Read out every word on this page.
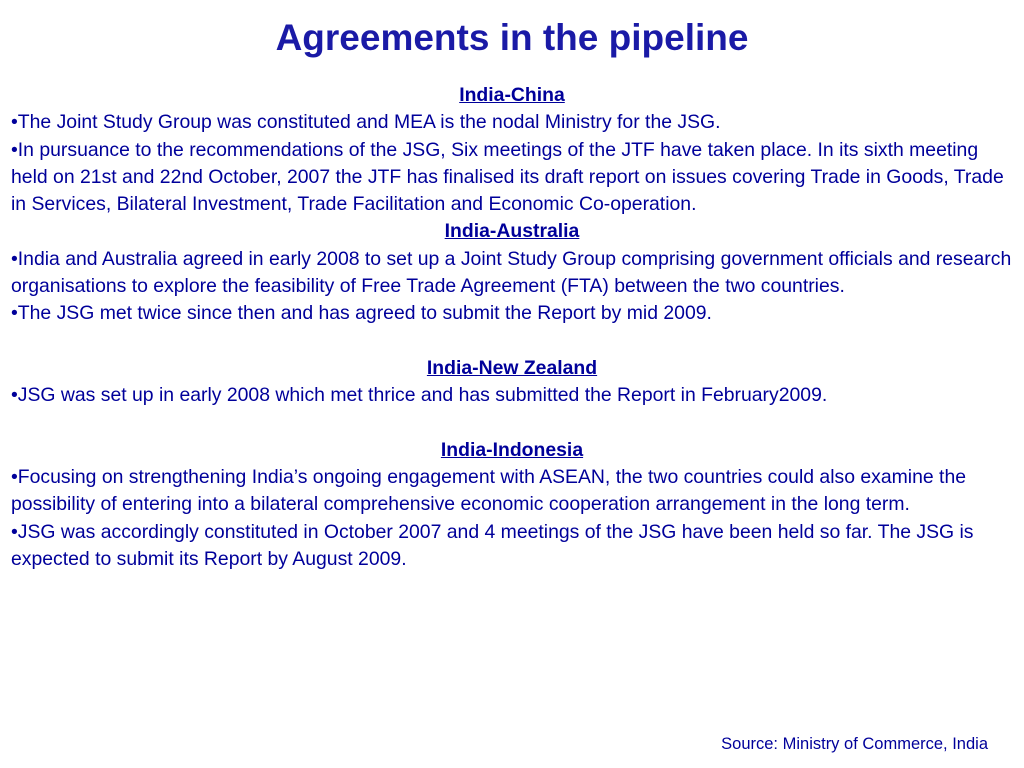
Agreements in the pipeline

India-China

•The Joint Study Group was constituted and MEA is the nodal Ministry for the JSG.

•In pursuance to the recommendations of the JSG, Six meetings of the JTF have taken place. In its sixth meeting held on 21st and 22nd October, 2007 the JTF has finalised its draft report on issues covering Trade in Goods, Trade in Services, Bilateral Investment, Trade Facilitation and Economic Co-operation.

India-Australia

•India and Australia agreed in early 2008 to set up a Joint Study Group comprising government officials and research organisations to explore the feasibility of Free Trade Agreement (FTA) between the two countries.

•The JSG met twice since then and has agreed to submit the Report by mid 2009.

India-New Zealand

•JSG was set up in early 2008 which met thrice and has submitted the Report in February2009.

India-Indonesia

•Focusing on strengthening India’s ongoing engagement with ASEAN, the two countries could also examine the possibility of entering into a bilateral comprehensive economic cooperation arrangement in the long term.

•JSG was accordingly constituted in October 2007 and 4 meetings of the JSG have been held so far. The JSG is expected to submit its Report by August 2009.

Source: Ministry of Commerce, India
